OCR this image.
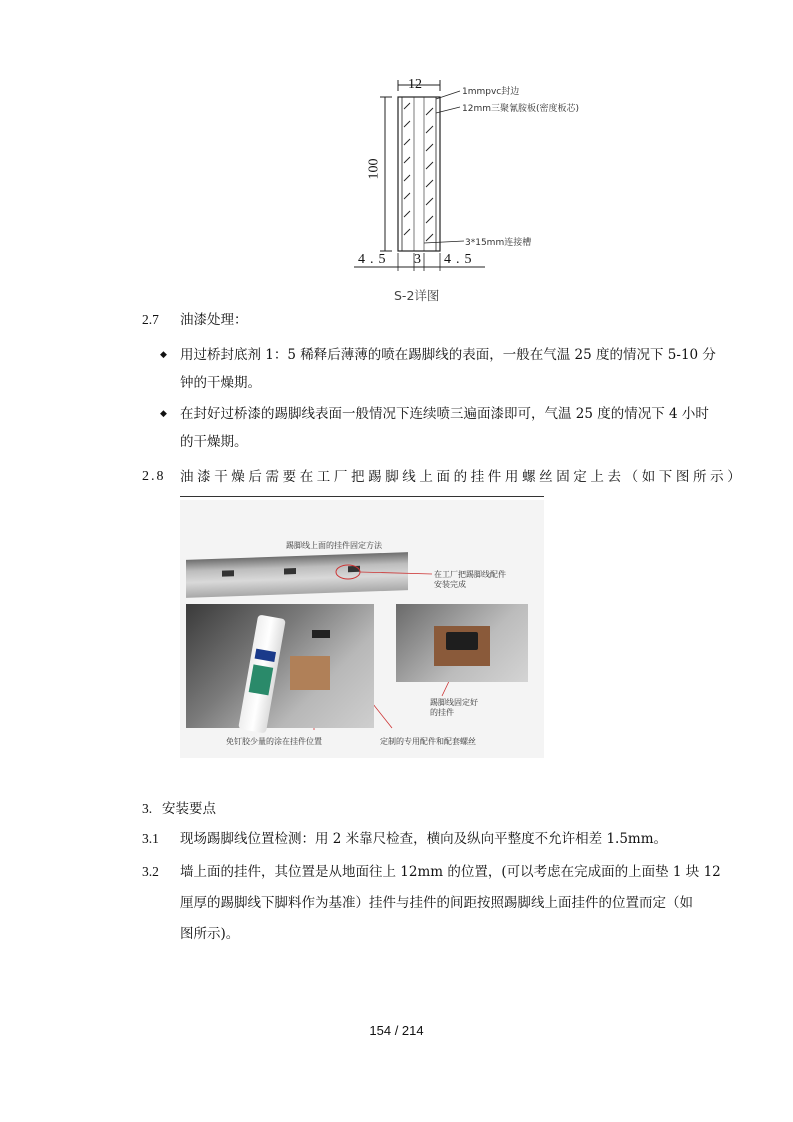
12
100
1mmpvc封边
12mm三聚氰胺板(密度板芯)
3*15mm连接槽
4.5 3 4.5
S-2详图
2.7 油漆处理：
◆ 用过桥封底剂 1：5 稀释后薄薄的喷在踢脚线的表面，一般在气温 25 度的情况下 5-10 分
钟的干燥期。
◆ 在封好过桥漆的踢脚线表面一般情况下连续喷三遍面漆即可，气温 25 度的情况下 4 小时
的干燥期。
2.8 油漆干燥后需要在工厂把踢脚线上面的挂件用螺丝固定上去（如下图所示）
踢脚线上面的挂件固定方法
在工厂把踢脚线配件
安装完成
踢脚线固定好
的挂件
免钉胶少量的涂在挂件位置	定制的专用配件和配套螺丝
3. 安装要点
3.1 现场踢脚线位置检测：用 2 米靠尺检查，横向及纵向平整度不允许相差 1.5mm。
3.2 墙上面的挂件，其位置是从地面往上 12mm 的位置，(可以考虑在完成面的上面垫 1 块 12
厘厚的踢脚线下脚料作为基准）挂件与挂件的间距按照踢脚线上面挂件的位置而定（如
图所示)。
154 / 214
